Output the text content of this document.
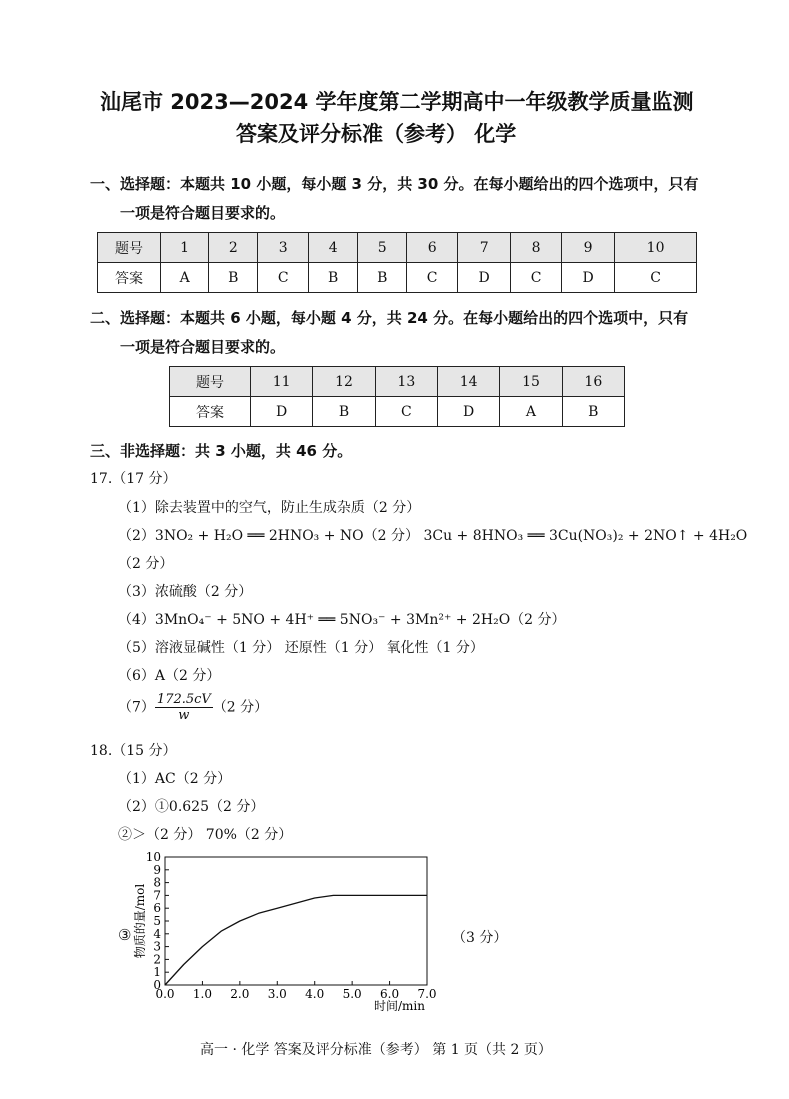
汕尾市 2023—2024 学年度第二学期高中一年级教学质量监测
答案及评分标准（参考） 化学
一、选择题：本题共 10 小题，每小题 3 分，共 30 分。在每小题给出的四个选项中，只有
一项是符合题目要求的。
题号	1	2	3	4	5	6	7	8	9	10
答案	A	B	C	B	B	C	D	C	D	C
二、选择题：本题共 6 小题，每小题 4 分，共 24 分。在每小题给出的四个选项中，只有
一项是符合题目要求的。
题号	11	12	13	14	15	16
答案	D	B	C	D	A	B
三、非选择题：共 3 小题，共 46 分。
17.（17 分）
（1）除去装置中的空气，防止生成杂质（2 分）
（2）3NO₂ + H₂O ══ 2HNO₃ + NO（2 分） 3Cu + 8HNO₃ ══ 3Cu(NO₃)₂ + 2NO↑ + 4H₂O
（2 分）
（3）浓硫酸（2 分）
（4）3MnO₄⁻ + 5NO + 4H⁺ ══ 5NO₃⁻ + 3Mn²⁺ + 2H₂O（2 分）
（5）溶液显碱性（1 分） 还原性（1 分） 氧化性（1 分）
（6）A（2 分）
$(7) \frac{172.5cV}{w} (2$ 分）
18.（15 分）
（1）AC（2 分）
（2）①0.625（2 分）
②＞（2 分） 70%（2 分）
③	（3 分）
0
1
2
3
4
5
6
7
8
9
10
0.0 1.0 2.0 3.0 4.0 5.0 6.0 7.0
时间/min
物质的量/mol
高一 · 化学 答案及评分标准（参考） 第 1 页（共 2 页）
